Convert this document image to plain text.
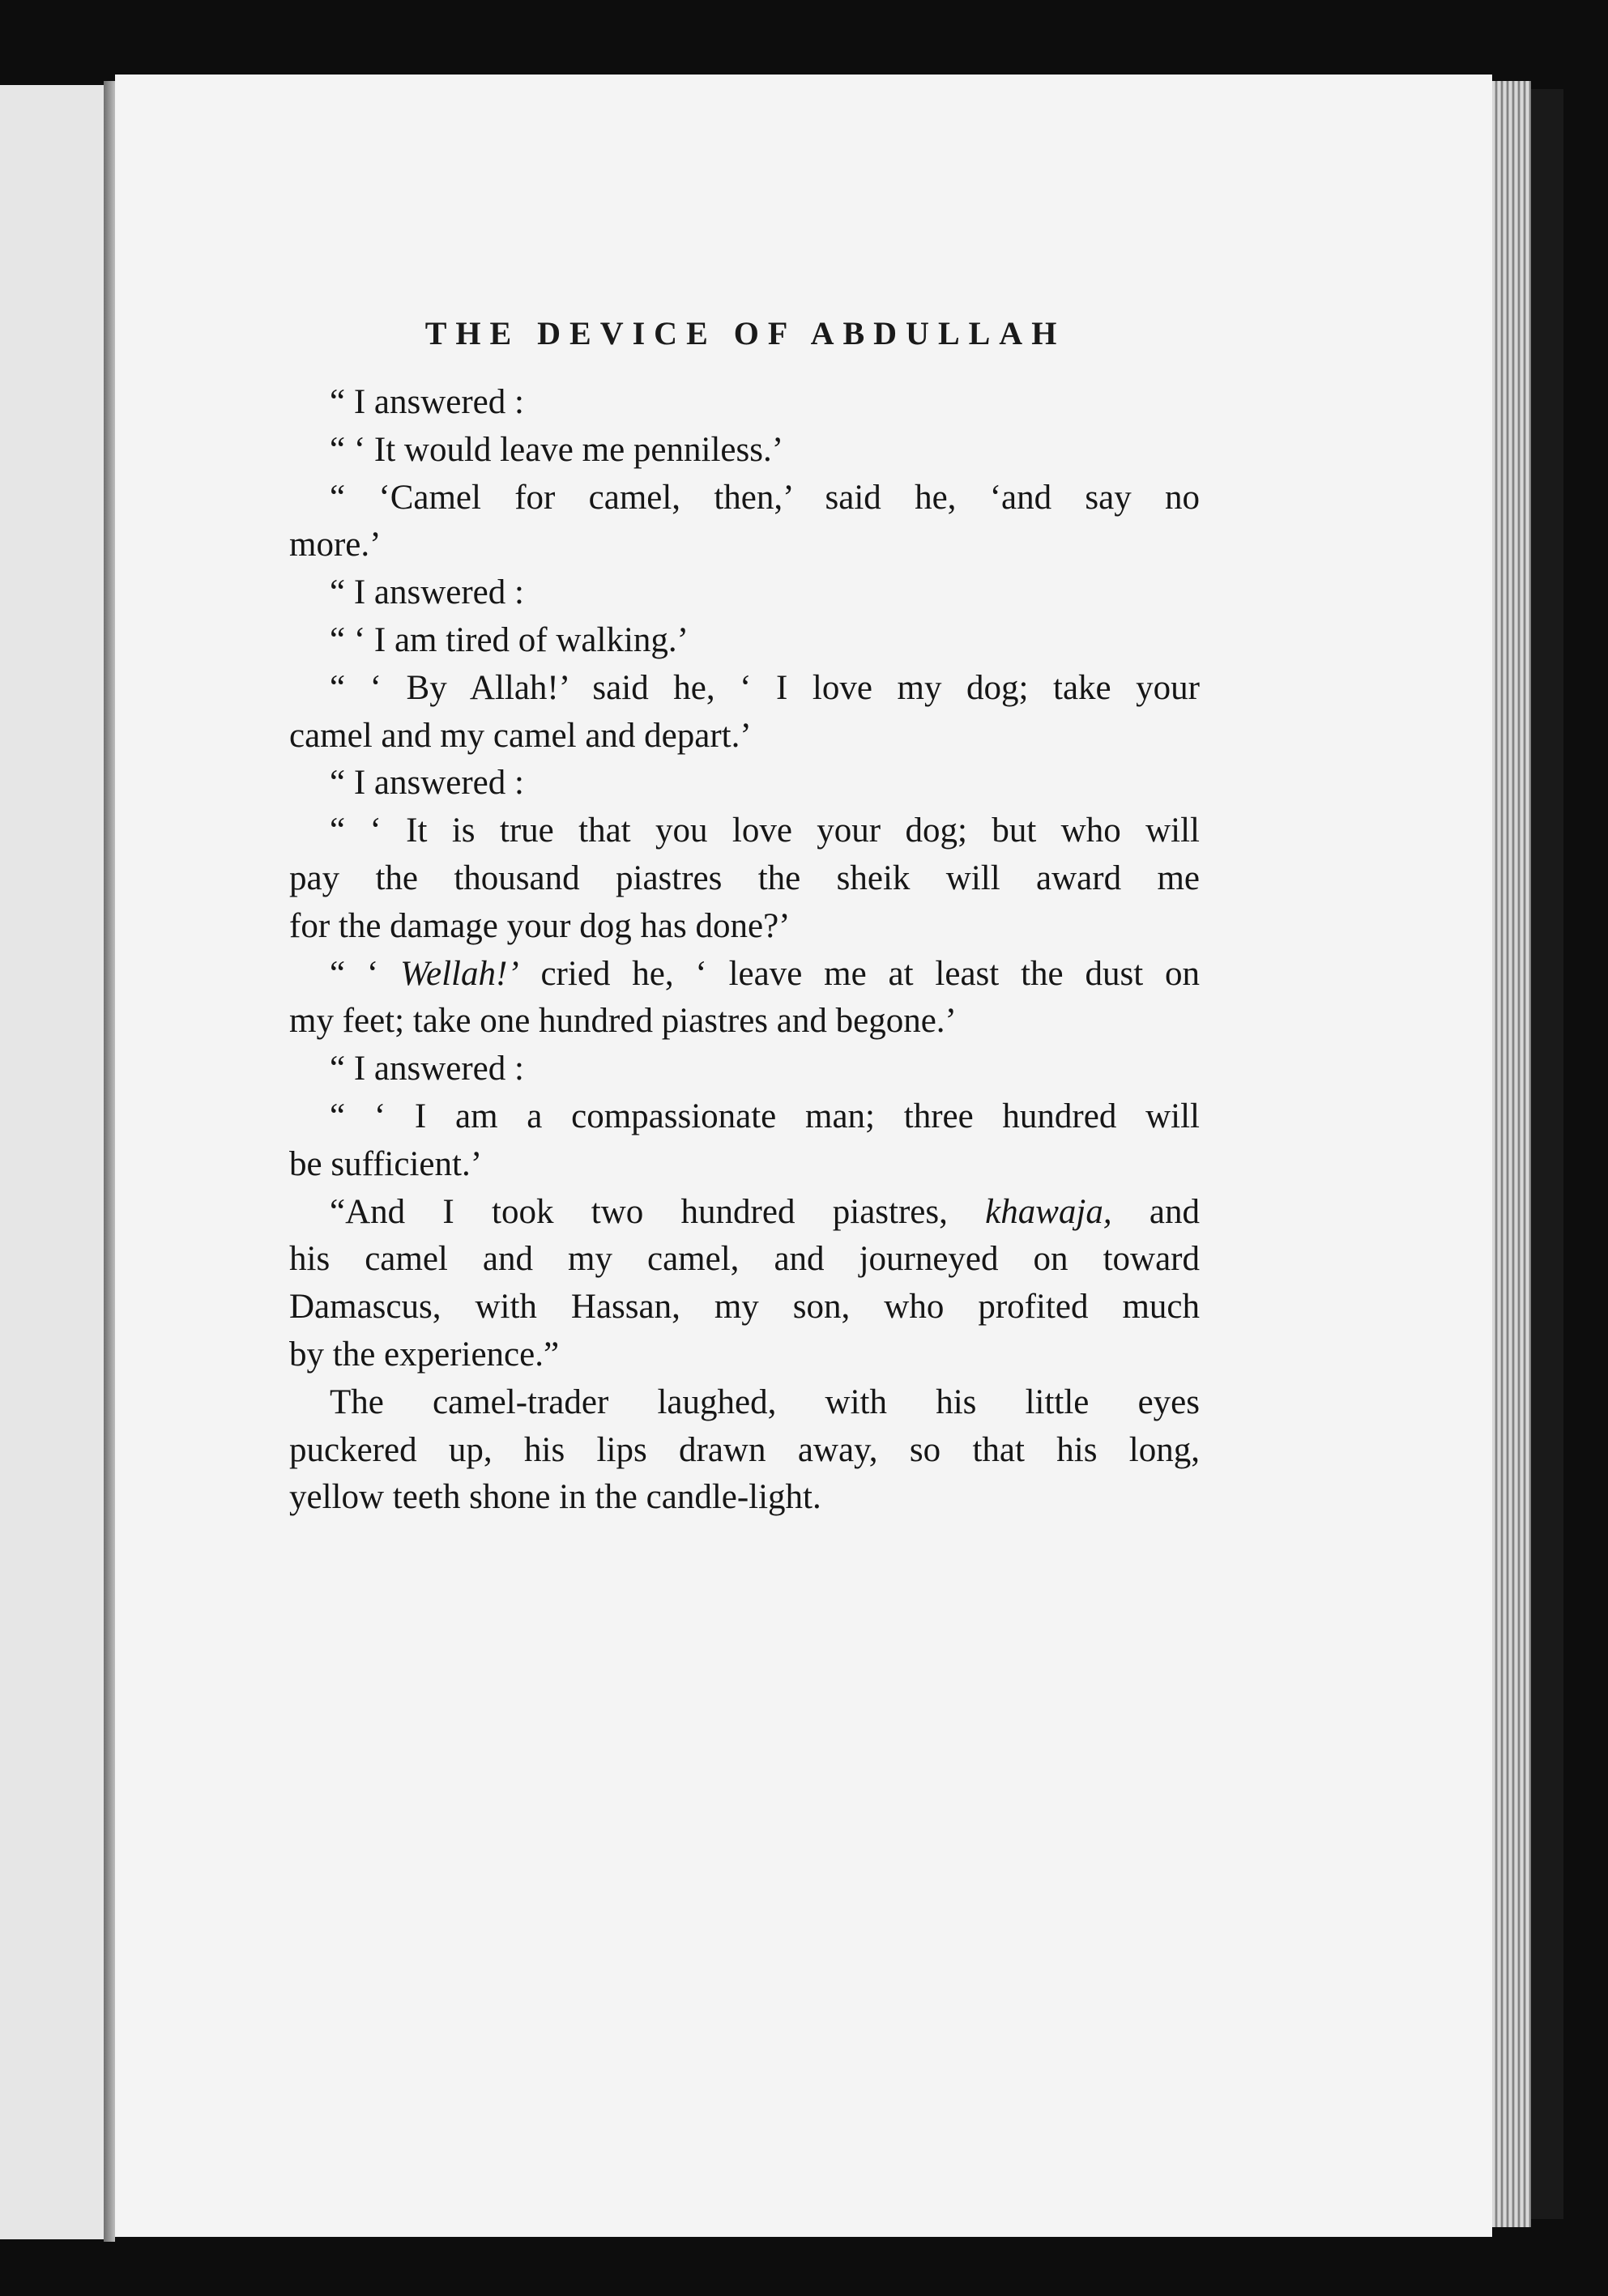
THE DEVICE OF ABDULLAH
“ I answered :
“ ‘ It would leave me penniless.’
“ ‘Camel for camel, then,’ said he, ‘and say no
more.’
“ I answered :
“ ‘ I am tired of walking.’
“ ‘ By Allah!’ said he, ‘ I love my dog; take your
camel and my camel and depart.’
“ I answered :
“ ‘ It is true that you love your dog; but who will
pay the thousand piastres the sheik will award me
for the damage your dog has done?’
“ ‘ Wellah!’ cried he, ‘ leave me at least the dust on
my feet; take one hundred piastres and begone.’
“ I answered :
“ ‘ I am a compassionate man; three hundred will
be sufficient.’
“And I took two hundred piastres, khawaja, and
his camel and my camel, and journeyed on toward
Damascus, with Hassan, my son, who profited much
by the experience.”
The camel-trader laughed, with his little eyes
puckered up, his lips drawn away, so that his long,
yellow teeth shone in the candle-light.
